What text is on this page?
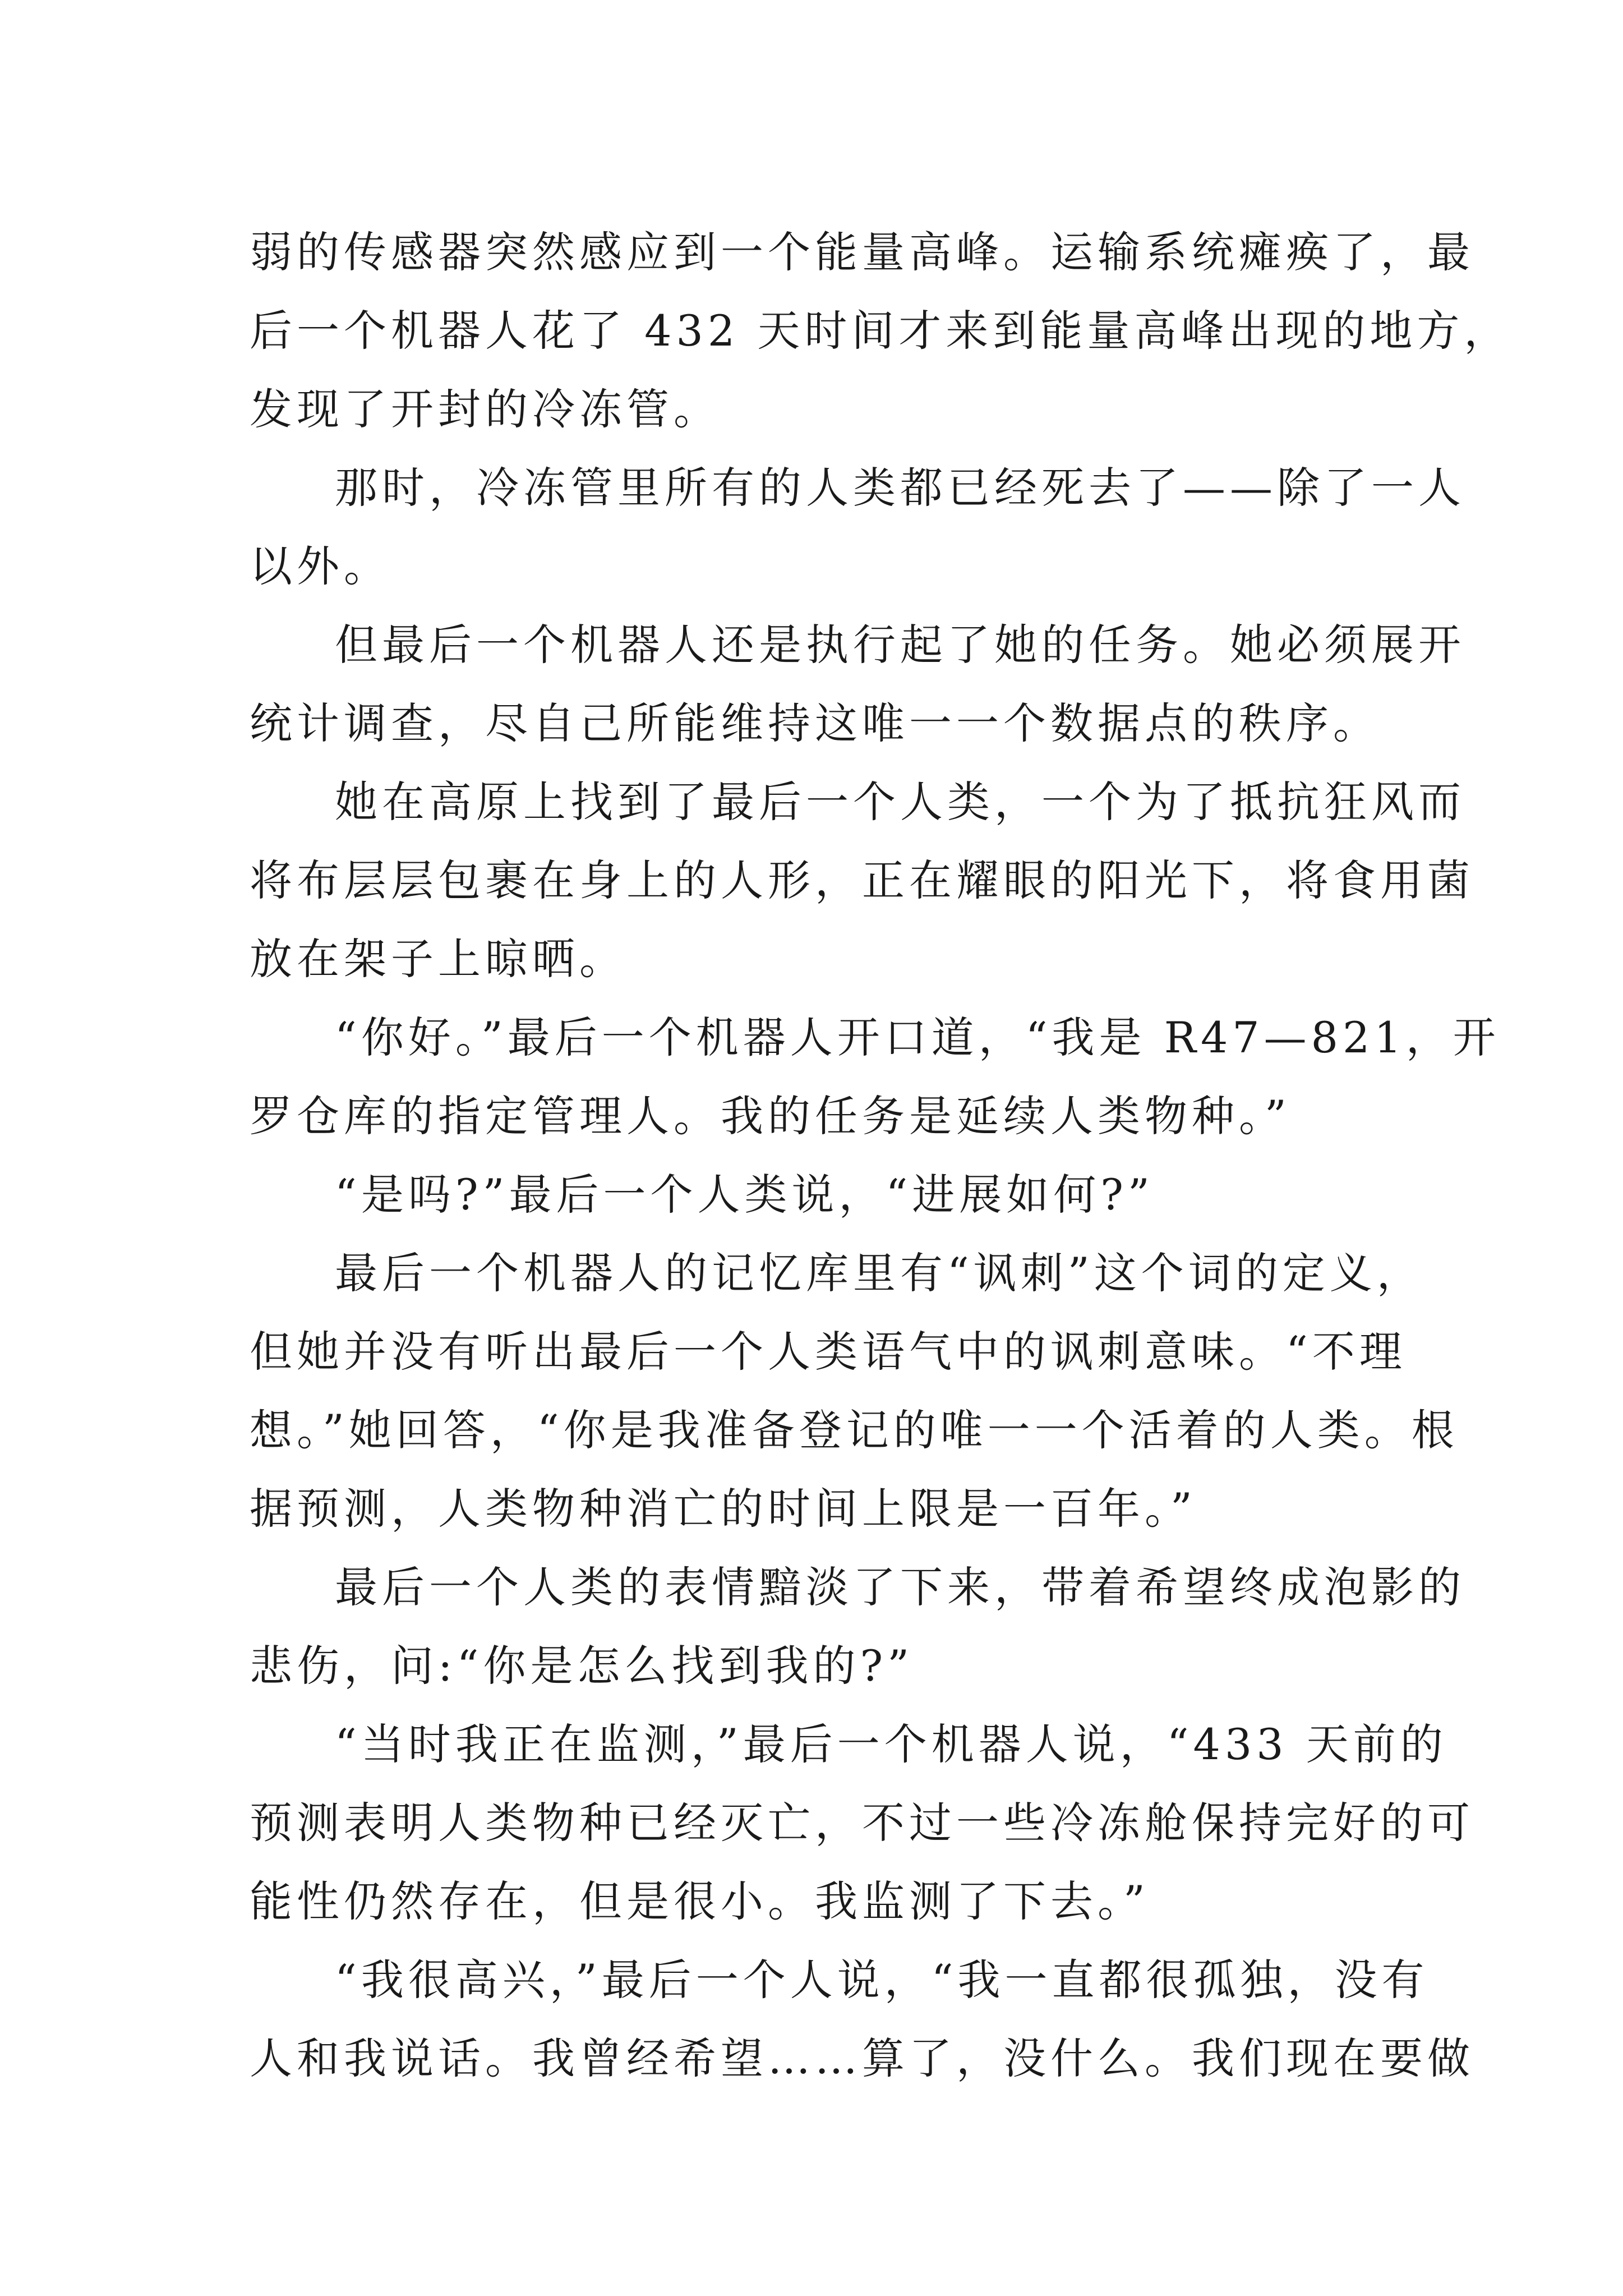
弱的传感器突然感应到一个能量高峰。运输系统瘫痪了，最
后一个机器人花了 432 天时间才来到能量高峰出现的地方，
发现了开封的冷冻管。
那时，冷冻管里所有的人类都已经死去了——除了一人
以外。
但最后一个机器人还是执行起了她的任务。她必须展开
统计调查，尽自己所能维持这唯一一个数据点的秩序。
她在高原上找到了最后一个人类，一个为了抵抗狂风而
将布层层包裹在身上的人形，正在耀眼的阳光下，将食用菌
放在架子上晾晒。
“你好。”最后一个机器人开口道，“我是 R47—821，开
罗仓库的指定管理人。我的任务是延续人类物种。”
“是吗?”最后一个人类说，“进展如何?”
最后一个机器人的记忆库里有“讽刺”这个词的定义，
但她并没有听出最后一个人类语气中的讽刺意味。“不理
想。”她回答，“你是我准备登记的唯一一个活着的人类。根
据预测，人类物种消亡的时间上限是一百年。”
最后一个人类的表情黯淡了下来，带着希望终成泡影的
悲伤，问:“你是怎么找到我的?”
“当时我正在监测，”最后一个机器人说，“433 天前的
预测表明人类物种已经灭亡，不过一些冷冻舱保持完好的可
能性仍然存在，但是很小。我监测了下去。”
“我很高兴，”最后一个人说，“我一直都很孤独，没有
人和我说话。我曾经希望……算了，没什么。我们现在要做
